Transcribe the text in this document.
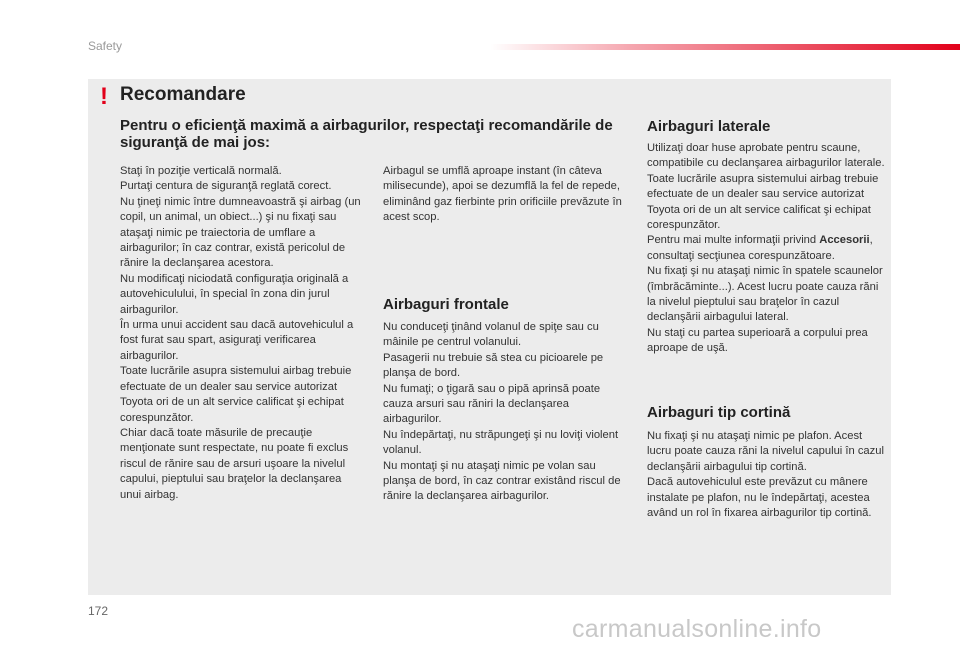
Safety
! Recomandare
Pentru o eficienţă maximă a airbagurilor, respectaţi recomandările de siguranţă de mai jos:
Staţi în poziţie verticală normală.
Purtaţi centura de siguranţă reglată corect.
Nu ţineţi nimic între dumneavoastră şi airbag (un copil, un animal, un obiect...) şi nu fixaţi sau ataşaţi nimic pe traiectoria de umflare a airbagurilor; în caz contrar, există pericolul de rănire la declanşarea acestora.
Nu modificaţi niciodată configuraţia originală a autovehiculului, în special în zona din jurul airbagurilor.
În urma unui accident sau dacă autovehiculul a fost furat sau spart, asiguraţi verificarea airbagurilor.
Toate lucrările asupra sistemului airbag trebuie efectuate de un dealer sau service autorizat Toyota ori de un alt service calificat şi echipat corespunzător.
Chiar dacă toate măsurile de precauţie menţionate sunt respectate, nu poate fi exclus riscul de rănire sau de arsuri uşoare la nivelul capului, pieptului sau braţelor la declanşarea unui airbag.
Airbagul se umflă aproape instant (în câteva milisecunde), apoi se dezumflă la fel de repede, eliminând gaz fierbinte prin orificiile prevăzute în acest scop.
Airbaguri frontale
Nu conduceţi ţinând volanul de spiţe sau cu mâinile pe centrul volanului.
Pasagerii nu trebuie să stea cu picioarele pe planşa de bord.
Nu fumaţi; o ţigară sau o pipă aprinsă poate cauza arsuri sau răniri la declanşarea airbagurilor.
Nu îndepărtaţi, nu străpungeţi şi nu loviţi violent volanul.
Nu montaţi şi nu ataşaţi nimic pe volan sau planşa de bord, în caz contrar existând riscul de rănire la declanşarea airbagurilor.
Airbaguri laterale
Utilizaţi doar huse aprobate pentru scaune, compatibile cu declanşarea airbagurilor laterale. Toate lucrările asupra sistemului airbag trebuie efectuate de un dealer sau service autorizat Toyota ori de un alt service calificat şi echipat corespunzător.
Pentru mai multe informaţii privind Accesorii, consultaţi secţiunea corespunzătoare.
Nu fixaţi şi nu ataşaţi nimic în spatele scaunelor (îmbrăcăminte...). Acest lucru poate cauza răni la nivelul pieptului sau braţelor în cazul declanşării airbagului lateral.
Nu staţi cu partea superioară a corpului prea aproape de uşă.
Airbaguri tip cortină
Nu fixaţi şi nu ataşaţi nimic pe plafon. Acest lucru poate cauza răni la nivelul capului în cazul declanşării airbagului tip cortină.
Dacă autovehiculul este prevăzut cu mânere instalate pe plafon, nu le îndepărtaţi, acestea având un rol în fixarea airbagurilor tip cortină.
172
carmanualsonline.info
